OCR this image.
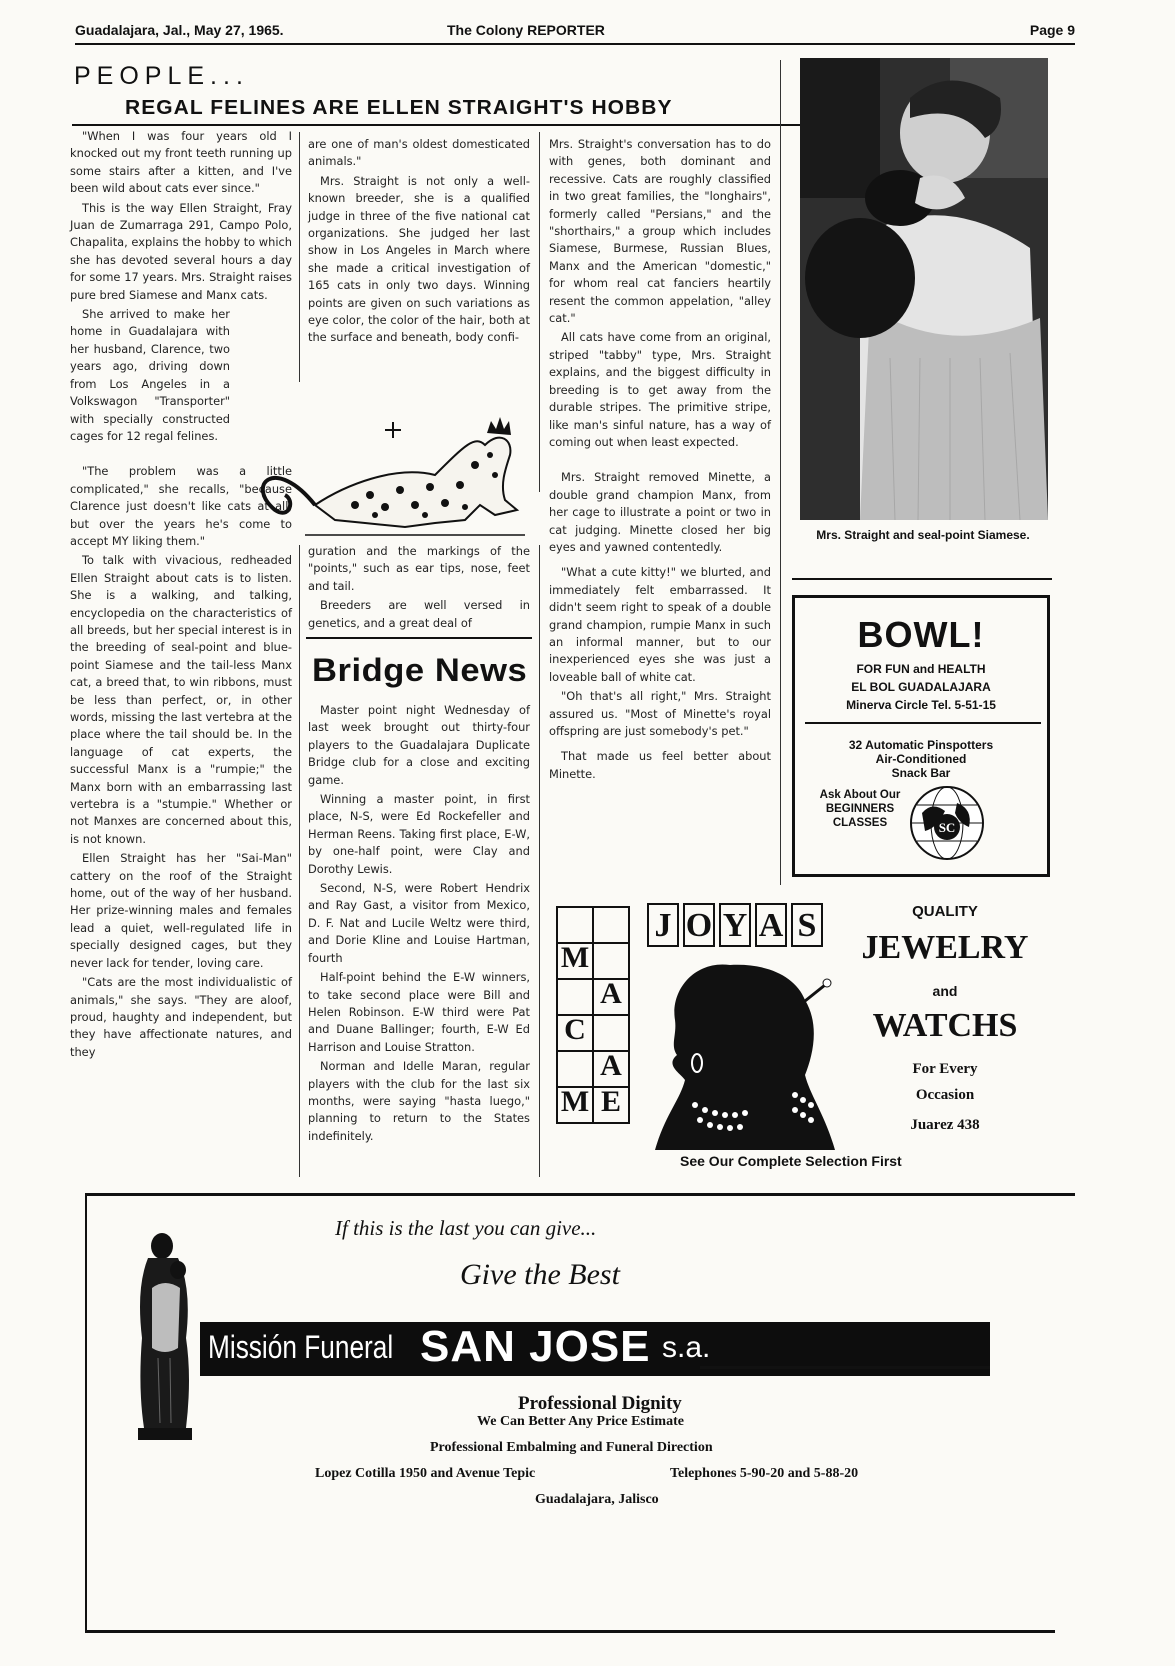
Guadalajara, Jal., May 27, 1965.	The Colony REPORTER	Page 9
PEOPLE...
REGAL FELINES ARE ELLEN STRAIGHT'S HOBBY

"When I was four years old I knocked out my front teeth running up some stairs after a kitten, and I've been wild about cats ever since."

This is the way Ellen Straight, Fray Juan de Zumarraga 291, Campo Polo, Chapalita, explains the hobby to which she has devoted several hours a day for some 17 years. Mrs. Straight raises pure bred Siamese and Manx cats.

She arrived to make her home in Guadalajara with her husband, Clarence, two years ago, driving down from Los Angeles in a Volkswagon "Transporter" with specially constructed cages for 12 regal felines.

"The problem was a little complicated," she recalls, "because Clarence just doesn't like cats at all, but over the years he's come to accept MY liking them."

To talk with vivacious, redheaded Ellen Straight about cats is to listen. She is a walking, and talking, encyclopedia on the characteristics of all breeds, but her special interest is in the breeding of seal-point and blue-point Siamese and the tail-less Manx cat, a breed that, to win ribbons, must be less than perfect, or, in other words, missing the last vertebra at the place where the tail should be. In the language of cat experts, the successful Manx is a "rumpie;" the Manx born with an embarrassing last vertebra is a "stumpie." Whether or not Manxes are concerned about this, is not known.

Ellen Straight has her "Sai-Man" cattery on the roof of the Straight home, out of the way of her husband. Her prize-winning males and females lead a quiet, well-regulated life in specially designed cages, but they never lack for tender, loving care.

"Cats are the most individualistic of animals," she says. "They are aloof, proud, haughty and independent, but they have affectionate natures, and they

are one of man's oldest domesticated animals."

Mrs. Straight is not only a well-known breeder, she is a qualified judge in three of the five national cat organizations. She judged her last show in Los Angeles in March where she made a critical investigation of 165 cats in only two days. Winning points are given on such variations as eye color, the color of the hair, both at the surface and beneath, body confi-

guration and the markings of the "points," such as ear tips, nose, feet and tail.

Breeders are well versed in genetics, and a great deal of

Bridge News

Master point night Wednesday of last week brought out thirty-four players to the Guadalajara Duplicate Bridge club for a close and exciting game.

Winning a master point, in first place, N-S, were Ed Rockefeller and Herman Reens. Taking first place, E-W, by one-half point, were Clay and Dorothy Lewis.

Second, N-S, were Robert Hendrix and Ray Gast, a visitor from Mexico, D. F. Nat and Lucile Weltz were third, and Dorie Kline and Louise Hartman, fourth

Half-point behind the E-W winners, to take second place were Bill and Helen Robinson. E-W third were Pat and Duane Ballinger; fourth, E-W Ed Harrison and Louise Stratton.

Norman and Idelle Maran, regular players with the club for the last six months, were saying "hasta luego," planning to return to the States indefinitely.

Mrs. Straight's conversation has to do with genes, both dominant and recessive. Cats are roughly classified in two great families, the "longhairs", formerly called "Persians," and the "shorthairs," a group which includes Siamese, Burmese, Russian Blues, Manx and the American "domestic," for whom real cat fanciers heartily resent the common appelation, "alley cat."

All cats have come from an original, striped "tabby" type, Mrs. Straight explains, and the biggest difficulty in breeding is to get away from the durable stripes. The primitive stripe, like man's sinful nature, has a way of coming out when least expected.

Mrs. Straight removed Minette, a double grand champion Manx, from her cage to illustrate a point or two in cat judging. Minette closed her big eyes and yawned contentedly.

"What a cute kitty!" we blurted, and immediately felt embarrassed. It didn't seem right to speak of a double grand champion, rumpie Manx in such an informal manner, but to our inexperienced eyes she was just a loveable ball of white cat.

"Oh that's all right," Mrs. Straight assured us. "Most of Minette's royal offspring are just somebody's pet."

That made us feel better about Minette.

Mrs. Straight and seal-point Siamese.
BOWL!
FOR FUN and HEALTH
EL BOL GUADALAJARA
Minerva Circle Tel. 5-51-15
32 Automatic Pinspotters
Air-Conditioned
Snack Bar
Ask About Our BEGINNERS CLASSES	SC
M
A
C
A
M E
J O Y A S	QUALITY
JEWELRY
and
WATCHS
For Every
Occasion
Juarez 438
See Our Complete Selection First
If this is the last you can give...
Give the Best
Missión Funeral SAN JOSE s.a.
Professional Dignity
We Can Better Any Price Estimate
Professional Embalming and Funeral Direction
Lopez Cotilla 1950 and Avenue Tepic	Telephones 5-90-20 and 5-88-20
Guadalajara, Jalisco
